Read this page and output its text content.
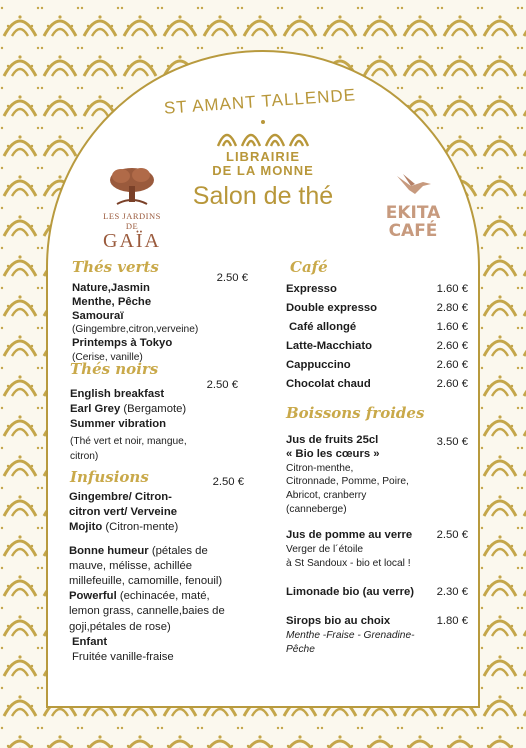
ST AMANT TALLENDE
LIBRAIRIE
DE LA MONNE
Salon de thé
LES JARDINS DE
GAÏA
EKITA
CAFÉ
Thés verts
2.50 €
Nature,Jasmin
Menthe, Pêche
Samouraï
(Gingembre,citron,verveine)
Printemps à Tokyo
(Cerise, vanille)
Thés noirs
2.50 €
English breakfast
Earl Grey (Bergamote)
Summer vibration
(Thé vert et noir, mangue,
citron)
Infusions	2.50 €
Gingembre/ Citron-
citron vert/ Verveine
Mojito (Citron-mente)
Bonne humeur (pétales de
mauve, mélisse, achillée
millefeuille, camomille, fenouil)
Powerful (echinacée, maté,
lemon grass, cannelle,baies de
goji,pétales de rose)
Enfant
Fruitée vanille-fraise
Café
Expresso	1.60 €
Double expresso	2.80 €
Café allongé	1.60 €
Latte-Macchiato	2.60 €
Cappuccino	2.60 €
Chocolat chaud	2.60 €
Boissons froides
Jus de fruits 25cl
« Bio les cœurs »
Citron-menthe,
Citronnade, Pomme, Poire,
Abricot, cranberry
(canneberge)
3.50 €
Jus de pomme au verre
Verger de l´étoile
à St Sandoux - bio et local !
2.50 €
Limonade bio (au verre)	2.30 €
Sirops bio au choix
Menthe -Fraise - Grenadine-
Pêche
1.80 €
